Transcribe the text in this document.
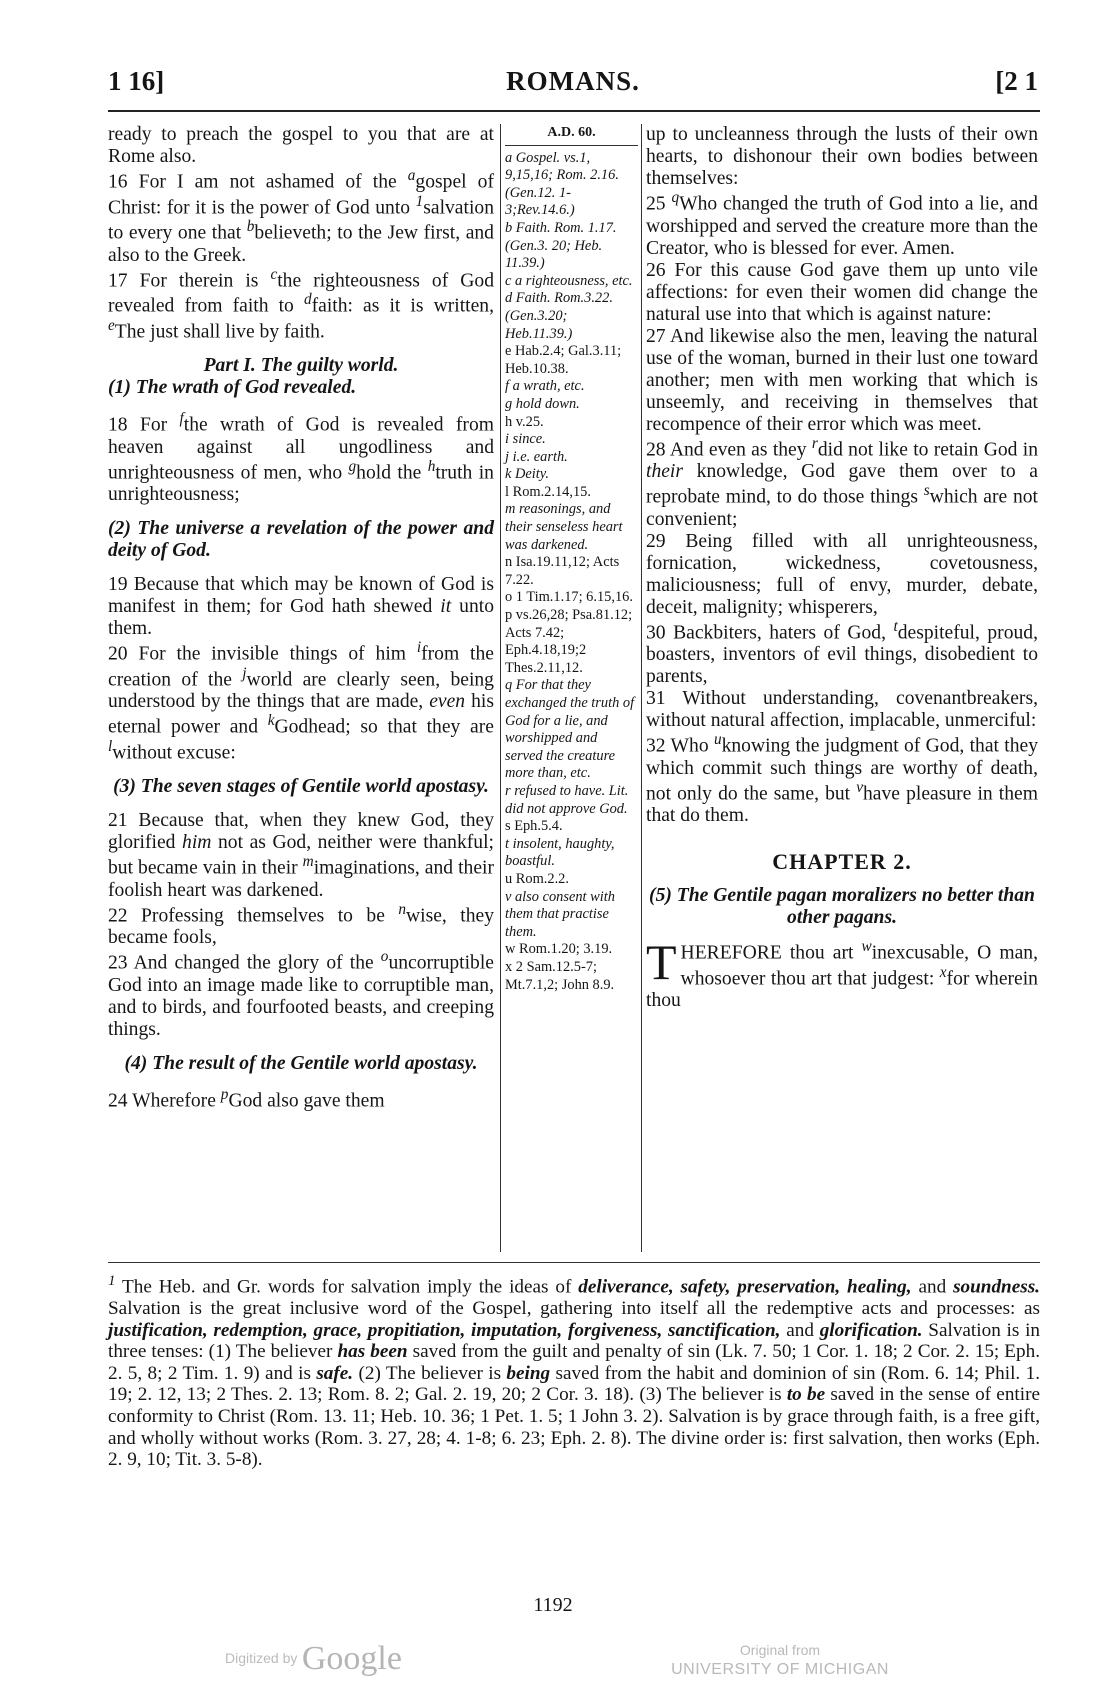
1 16]	ROMANS.	[2 1

ready to preach the gospel to you that are at Rome also.

16 For I am not ashamed of the $^a$gospel of Christ: for it is the power of God unto $^1$salvation to every one that $^b$believeth; to the Jew first, and also to the Greek.

17 For therein is $^c$the righteousness of God revealed from faith to $^d$faith: as it is written, $^e$The just shall live by faith.

Part I. The guilty world.

(1) The wrath of God revealed.

18 For $^f$the wrath of God is revealed from heaven against all ungodliness and unrighteousness of men, who $^g$hold the $^h$truth in unrighteousness;

(2) The universe a revelation of the power and deity of God.

19 Because that which may be known of God is manifest in them; for God hath shewed it unto them.

20 For the invisible things of him $^i$from the creation of the $^j$world are clearly seen, being understood by the things that are made, even his eternal power and $^k$Godhead; so that they are $^l$without excuse:

(3) The seven stages of Gentile world apostasy.

21 Because that, when they knew God, they glorified him not as God, neither were thankful; but became vain in their $^m$imaginations, and their foolish heart was darkened.

22 Professing themselves to be $^n$wise, they became fools,

23 And changed the glory of the $^o$uncorruptible God into an image made like to corruptible man, and to birds, and fourfooted beasts, and creeping things.

(4) The result of the Gentile world apostasy.

24 Wherefore $^p$God also gave them

A.D. 60.
a Gospel. vs.1, 9,15,16; Rom. 2.16. (Gen.12. 1-3;Rev.14.6.)
b Faith. Rom. 1.17. (Gen.3. 20; Heb. 11.39.)
c a righteousness, etc.
d Faith. Rom.3.22. (Gen.3.20; Heb.11.39.)
e Hab.2.4; Gal.3.11; Heb.10.38.
f a wrath, etc.
g hold down.
h v.25.
i since.
j i.e. earth.
k Deity.
l Rom.2.14,15.
m reasonings, and their senseless heart was darkened.
n Isa.19.11,12; Acts 7.22.
o 1 Tim.1.17; 6.15,16.
p vs.26,28; Psa.81.12; Acts 7.42; Eph.4.18,19;2 Thes.2.11,12.
q For that they exchanged the truth of God for a lie, and worshipped and served the creature more than, etc.
r refused to have. Lit. did not approve God.
s Eph.5.4.
t insolent, haughty, boastful.
u Rom.2.2.
v also consent with them that practise them.
w Rom.1.20; 3.19.
x 2 Sam.12.5-7; Mt.7.1,2; John 8.9.

up to uncleanness through the lusts of their own hearts, to dishonour their own bodies between themselves:

25 $^q$Who changed the truth of God into a lie, and worshipped and served the creature more than the Creator, who is blessed for ever. Amen.

26 For this cause God gave them up unto vile affections: for even their women did change the natural use into that which is against nature:

27 And likewise also the men, leaving the natural use of the woman, burned in their lust one toward another; men with men working that which is unseemly, and receiving in themselves that recompence of their error which was meet.

28 And even as they $^r$did not like to retain God in their knowledge, God gave them over to a reprobate mind, to do those things $^s$which are not convenient;

29 Being filled with all unrighteousness, fornication, wickedness, covetousness, maliciousness; full of envy, murder, debate, deceit, malignity; whisperers,

30 Backbiters, haters of God, $^t$despiteful, proud, boasters, inventors of evil things, disobedient to parents,

31 Without understanding, covenantbreakers, without natural affection, implacable, unmerciful:

32 Who $^u$knowing the judgment of God, that they which commit such things are worthy of death, not only do the same, but $^v$have pleasure in them that do them.

CHAPTER 2.

(5) The Gentile pagan moralizers no better than other pagans.

THEREFORE thou art $^w$inexcusable, O man, whosoever thou art that judgest: $^x$for wherein thou

$^1$ The Heb. and Gr. words for salvation imply the ideas of deliverance, safety, preservation, healing, and soundness. Salvation is the great inclusive word of the Gospel, gathering into itself all the redemptive acts and processes: as justification, redemption, grace, propitiation, imputation, forgiveness, sanctification, and glorification. Salvation is in three tenses: (1) The believer has been saved from the guilt and penalty of sin (Lk. 7. 50; 1 Cor. 1. 18; 2 Cor. 2. 15; Eph. 2. 5, 8; 2 Tim. 1. 9) and is safe. (2) The believer is being saved from the habit and dominion of sin (Rom. 6. 14; Phil. 1. 19; 2. 12, 13; 2 Thes. 2. 13; Rom. 8. 2; Gal. 2. 19, 20; 2 Cor. 3. 18). (3) The believer is to be saved in the sense of entire conformity to Christ (Rom. 13. 11; Heb. 10. 36; 1 Pet. 1. 5; 1 John 3. 2). Salvation is by grace through faith, is a free gift, and wholly without works (Rom. 3. 27, 28; 4. 1-8; 6. 23; Eph. 2. 8). The divine order is: first salvation, then works (Eph. 2. 9, 10; Tit. 3. 5-8).
1192
Digitized by Google	Original from
UNIVERSITY OF MICHIGAN
